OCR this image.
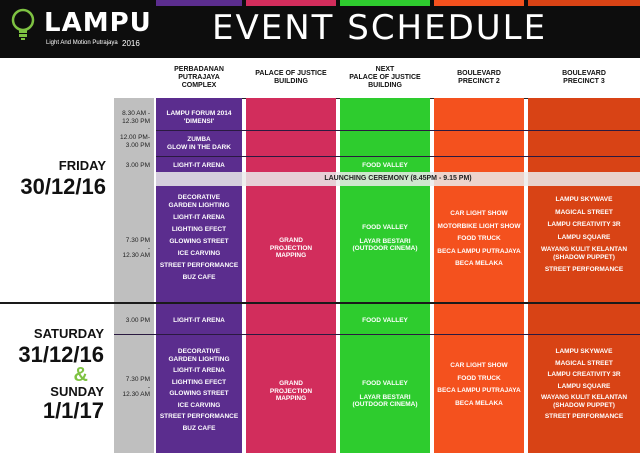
LAMPU
Light And Motion Putrajaya 2016 EVENT SCHEDULE
PERBADANAN
PUTRAJAYA
COMPLEX
PALACE OF JUSTICE
BUILDING
NEXT
PALACE OF JUSTICE
BUILDING
BOULEVARD
PRECINCT 2
BOULEVARD
PRECINCT 3
FRIDAY
30/12/16
8.30 AM -
12.30 PM
12.00 PM-
3.00 PM
3.00 PM
7.30 PM
-
12.30 AM
LAMPU FORUM 2014
'DIMENSI'
ZUMBA
GLOW IN THE DARK
LIGHT-IT ARENA	FOOD VALLEY
LAUNCHING CEREMONY (8.45PM - 9.15 PM)
DECORATIVE
GARDEN LIGHTING
LIGHT-IT ARENA
LIGHTING EFECT
GLOWING STREET
ICE CARVING
STREET PERFORMANCE
BUZ CAFE
GRAND
PROJECTION
MAPPING
FOOD VALLEY
LAYAR BESTARI
(OUTDOOR CINEMA)
CAR LIGHT SHOW
MOTORBIKE LIGHT SHOW
FOOD TRUCK
BECA LAMPU PUTRAJAYA
BECA MELAKA
LAMPU SKYWAVE
MAGICAL STREET
LAMPU CREATIVITY 3R
LAMPU SQUARE
WAYANG KULIT KELANTAN
(SHADOW PUPPET)
STREET PERFORMANCE
SATURDAY
31/12/16
&
SUNDAY
1/1/17
3.00 PM
7.30 PM
-
12.30 AM
LIGHT-IT ARENA	FOOD VALLEY
DECORATIVE
GARDEN LIGHTING
LIGHT-IT ARENA
LIGHTING EFECT
GLOWING STREET
ICE CARVING
STREET PERFORMANCE
BUZ CAFE
GRAND
PROJECTION
MAPPING
FOOD VALLEY
LAYAR BESTARI
(OUTDOOR CINEMA)
CAR LIGHT SHOW
FOOD TRUCK
BECA LAMPU PUTRAJAYA
BECA MELAKA
LAMPU SKYWAVE
MAGICAL STREET
LAMPU CREATIVITY 3R
LAMPU SQUARE
WAYANG KULIT KELANTAN
(SHADOW PUPPET)
STREET PERFORMANCE
